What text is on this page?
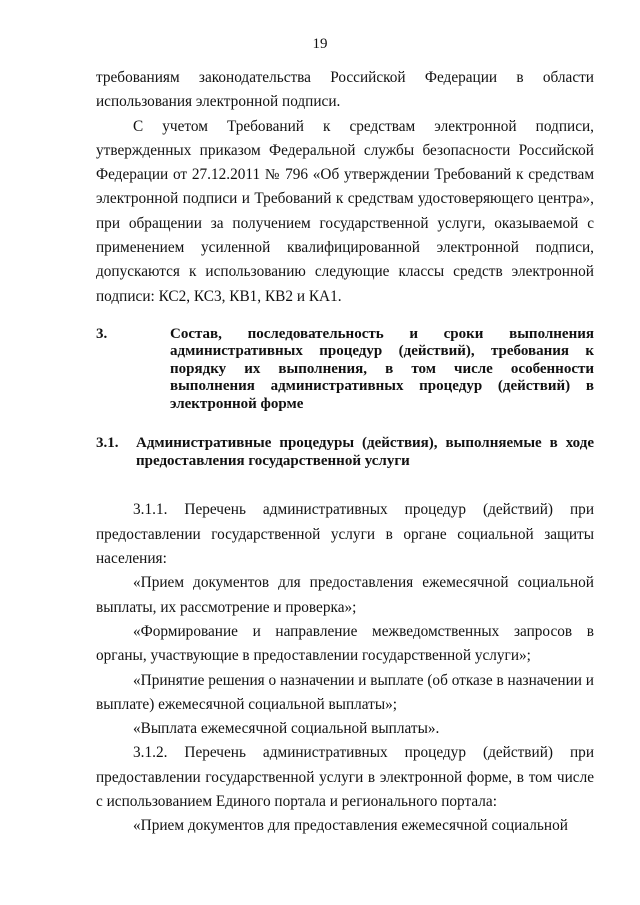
19

требованиям законодательства Российской Федерации в области использования электронной подписи.

С учетом Требований к средствам электронной подписи, утвержденных приказом Федеральной службы безопасности Российской Федерации от 27.12.2011 № 796 «Об утверждении Требований к средствам электронной подписи и Требований к средствам удостоверяющего центра», при обращении за получением государственной услуги, оказываемой с применением усиленной квалифицированной электронной подписи, допускаются к использованию следующие классы средств электронной подписи: КС2, КС3, КВ1, КВ2 и КА1.

3.	Состав, последовательность и сроки выполнения административных процедур (действий), требования к порядку их выполнения, в том числе особенности выполнения административных процедур (действий) в электронной форме
3.1.	Административные процедуры (действия), выполняемые в ходе предоставления государственной услуги

3.1.1. Перечень административных процедур (действий) при предоставлении государственной услуги в органе социальной защиты населения:

«Прием документов для предоставления ежемесячной социальной выплаты, их рассмотрение и проверка»;

«Формирование и направление межведомственных запросов в органы, участвующие в предоставлении государственной услуги»;

«Принятие решения о назначении и выплате (об отказе в назначении и выплате) ежемесячной социальной выплаты»;

«Выплата ежемесячной социальной выплаты».

3.1.2. Перечень административных процедур (действий) при предоставлении государственной услуги в электронной форме, в том числе с использованием Единого портала и регионального портала:

«Прием документов для предоставления ежемесячной социальной
